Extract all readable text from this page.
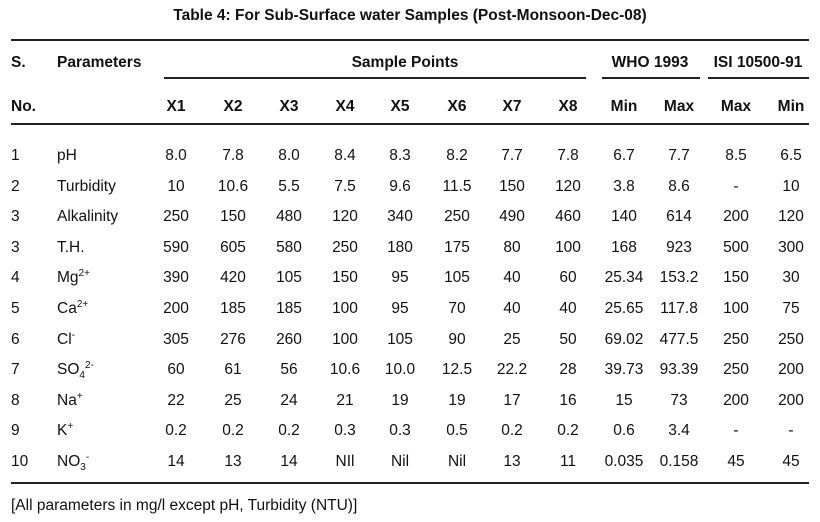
Table 4: For Sub-Surface water Samples (Post-Monsoon-Dec-08)
S. Parameters	Sample Points	WHO 1993 ISI 10500-91
No.	X1 X2 X3 X4 X5 X6 X7 X8 Min Max Max Min
1 pH	8.0 7.8 8.0 8.4 8.3 8.2 7.7 7.8 6.7 7.7 8.5 6.5
2 Turbidity	10 10.6 5.5 7.5 9.6 11.5 150 120 3.8 8.6	-	10
3 Alkalinity	250 150 480 120 340 250 490 460 140 614 200 120
3 T.H.	590 605 580 250 180 175 80 100 168 923 500 300
4 $Mg^{2+}$	390 420 105 150 95 105 40	60 25.34 153.2 150 30
5 $Ca^{2+}$	200 185 185 100 95	70 40	40 25.65 117.8 100 75
6 Cl-	305 276 260 100 105 90 25	50 69.02 477.5 250 250
7 $SO_4^{2-}$	60	61	56 10.6 10.0 12.5 22.2 28 39.73 93.39 250 200
8 Na+	22	25	24	21 19	19 17	16	15 73 200 200
9 K+	0.2 0.2 0.2 0.3 0.3 0.5 0.2 0.2 0.6 3.4	-	-
10 $NO_3^-$	14	13	14 NIl Nil	Nil 13	11 0.035 0.158 45 45
[All parameters in mg/l except pH, Turbidity (NTU)]
